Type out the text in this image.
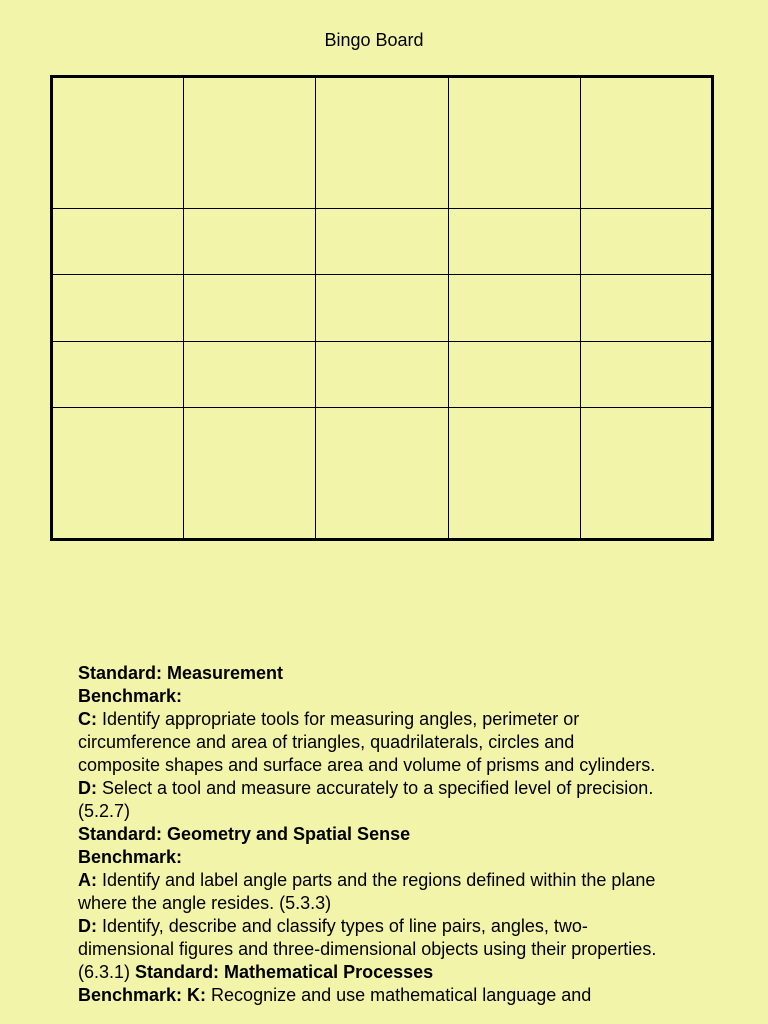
Bingo Board

Standard: Measurement

Benchmark:

C: Identify appropriate tools for measuring angles, perimeter or circumference and area of triangles, quadrilaterals, circles and composite shapes and surface area and volume of prisms and cylinders.

D: Select a tool and measure accurately to a specified level of precision. (5.2.7)

Standard: Geometry and Spatial Sense

Benchmark:

A: Identify and label angle parts and the regions defined within the plane where the angle resides. (5.3.3)

D: Identify, describe and classify types of line pairs, angles, two-dimensional figures and three-dimensional objects using their properties. (6.3.1) Standard: Mathematical Processes

Benchmark: K: Recognize and use mathematical language and
